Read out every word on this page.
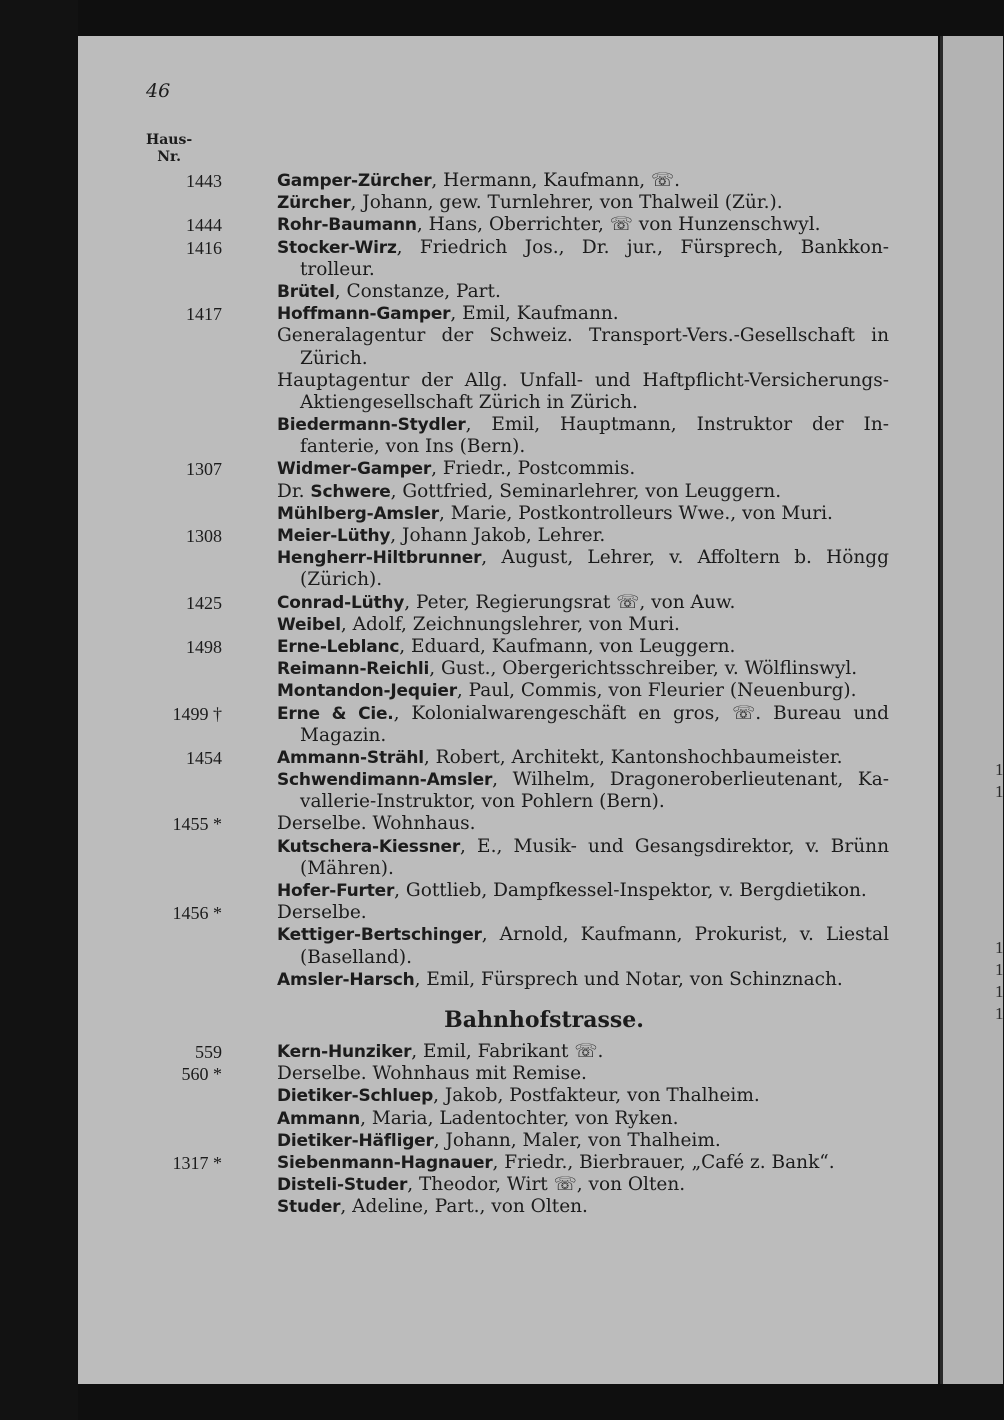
1
1
1
1
1
1
46
Haus-
Nr.
1443	Gamper-Zürcher, Hermann, Kaufmann, ☏.
Zürcher, Johann, gew. Turnlehrer, von Thalweil (Zür.).
1444	Rohr-Baumann, Hans, Oberrichter, ☏ von Hunzenschwyl.
1416	Stocker-Wirz, Friedrich Jos., Dr. jur., Fürsprech, Bankkon-
trolleur.
Brütel, Constanze, Part.
1417	Hoffmann-Gamper, Emil, Kaufmann.
Generalagentur der Schweiz. Transport-Vers.-Gesellschaft in
Zürich.
Hauptagentur der Allg. Unfall- und Haftpflicht-Versicherungs-
Aktiengesellschaft Zürich in Zürich.
Biedermann-Stydler, Emil, Hauptmann, Instruktor der In-
fanterie, von Ins (Bern).
1307	Widmer-Gamper, Friedr., Postcommis.
Dr. Schwere, Gottfried, Seminarlehrer, von Leuggern.
Mühlberg-Amsler, Marie, Postkontrolleurs Wwe., von Muri.
1308	Meier-Lüthy, Johann Jakob, Lehrer.
Hengherr-Hiltbrunner, August, Lehrer, v. Affoltern b. Höngg
(Zürich).
1425	Conrad-Lüthy, Peter, Regierungsrat ☏, von Auw.
Weibel, Adolf, Zeichnungslehrer, von Muri.
1498	Erne-Leblanc, Eduard, Kaufmann, von Leuggern.
Reimann-Reichli, Gust., Obergerichtsschreiber, v. Wölflinswyl.
Montandon-Jequier, Paul, Commis, von Fleurier (Neuenburg).
1499 †	Erne & Cie., Kolonialwarengeschäft en gros, ☏. Bureau und
Magazin.
1454	Ammann-Strähl, Robert, Architekt, Kantonshochbaumeister.
Schwendimann-Amsler, Wilhelm, Dragoneroberlieutenant, Ka-
vallerie-Instruktor, von Pohlern (Bern).
1455 *	Derselbe. Wohnhaus.
Kutschera-Kiessner, E., Musik- und Gesangsdirektor, v. Brünn
(Mähren).
Hofer-Furter, Gottlieb, Dampfkessel-Inspektor, v. Bergdietikon.
1456 *	Derselbe.
Kettiger-Bertschinger, Arnold, Kaufmann, Prokurist, v. Liestal
(Baselland).
Amsler-Harsch, Emil, Fürsprech und Notar, von Schinznach.
Bahnhofstrasse.
559	Kern-Hunziker, Emil, Fabrikant ☏.
560 *	Derselbe. Wohnhaus mit Remise.
Dietiker-Schluep, Jakob, Postfakteur, von Thalheim.
Ammann, Maria, Ladentochter, von Ryken.
Dietiker-Häfliger, Johann, Maler, von Thalheim.
1317 *	Siebenmann-Hagnauer, Friedr., Bierbrauer, „Café z. Bank“.
Disteli-Studer, Theodor, Wirt ☏, von Olten.
Studer, Adeline, Part., von Olten.
